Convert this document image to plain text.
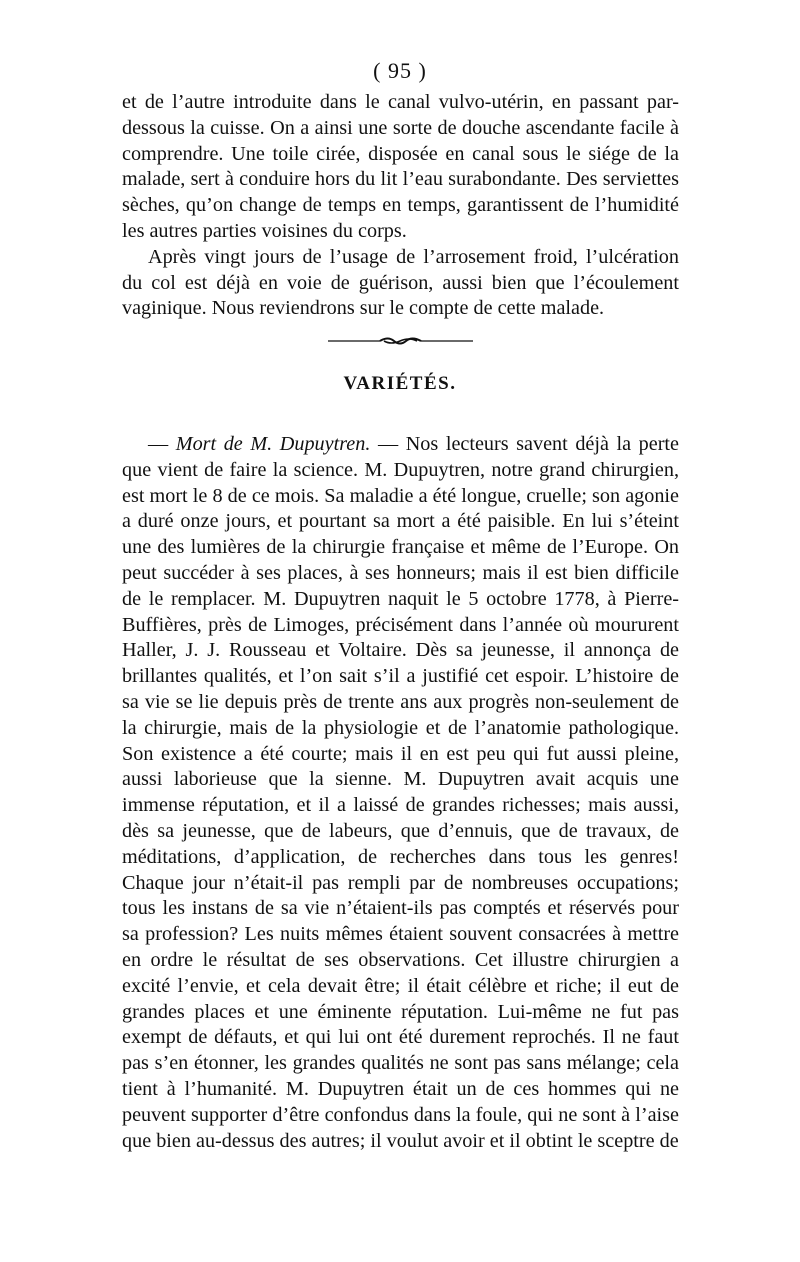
( 95 )

et de l’autre introduite dans le canal vulvo-utérin, en passant par-dessous la cuisse. On a ainsi une sorte de douche ascendante facile à comprendre. Une toile cirée, disposée en canal sous le siége de la malade, sert à conduire hors du lit l’eau surabondante. Des serviettes sèches, qu’on change de temps en temps, garantissent de l’humidité les autres parties voisines du corps.

Après vingt jours de l’usage de l’arrosement froid, l’ulcération du col est déjà en voie de guérison, aussi bien que l’écoulement vaginique. Nous reviendrons sur le compte de cette malade.

VARIÉTÉS.

— Mort de M. Dupuytren. — Nos lecteurs savent déjà la perte que vient de faire la science. M. Dupuytren, notre grand chirurgien, est mort le 8 de ce mois. Sa maladie a été longue, cruelle; son agonie a duré onze jours, et pourtant sa mort a été paisible. En lui s’éteint une des lumières de la chirurgie française et même de l’Europe. On peut succéder à ses places, à ses honneurs; mais il est bien difficile de le remplacer. M. Dupuytren naquit le 5 octobre 1778, à Pierre-Buffières, près de Limoges, précisément dans l’année où moururent Haller, J. J. Rousseau et Voltaire. Dès sa jeunesse, il annonça de brillantes qualités, et l’on sait s’il a justifié cet espoir. L’histoire de sa vie se lie depuis près de trente ans aux progrès non-seulement de la chirurgie, mais de la physiologie et de l’anatomie pathologique. Son existence a été courte; mais il en est peu qui fut aussi pleine, aussi laborieuse que la sienne. M. Dupuytren avait acquis une immense réputation, et il a laissé de grandes richesses; mais aussi, dès sa jeunesse, que de labeurs, que d’ennuis, que de travaux, de méditations, d’application, de recherches dans tous les genres! Chaque jour n’était-il pas rempli par de nombreuses occupations; tous les instans de sa vie n’étaient-ils pas comptés et réservés pour sa profession? Les nuits mêmes étaient souvent consacrées à mettre en ordre le résultat de ses observations. Cet illustre chirurgien a excité l’envie, et cela devait être; il était célèbre et riche; il eut de grandes places et une éminente réputation. Lui-même ne fut pas exempt de défauts, et qui lui ont été durement reprochés. Il ne faut pas s’en étonner, les grandes qualités ne sont pas sans mélange; cela tient à l’humanité. M. Dupuytren était un de ces hommes qui ne peuvent supporter d’être confondus dans la foule, qui ne sont à l’aise que bien au-dessus des autres; il voulut avoir et il obtint le sceptre de
